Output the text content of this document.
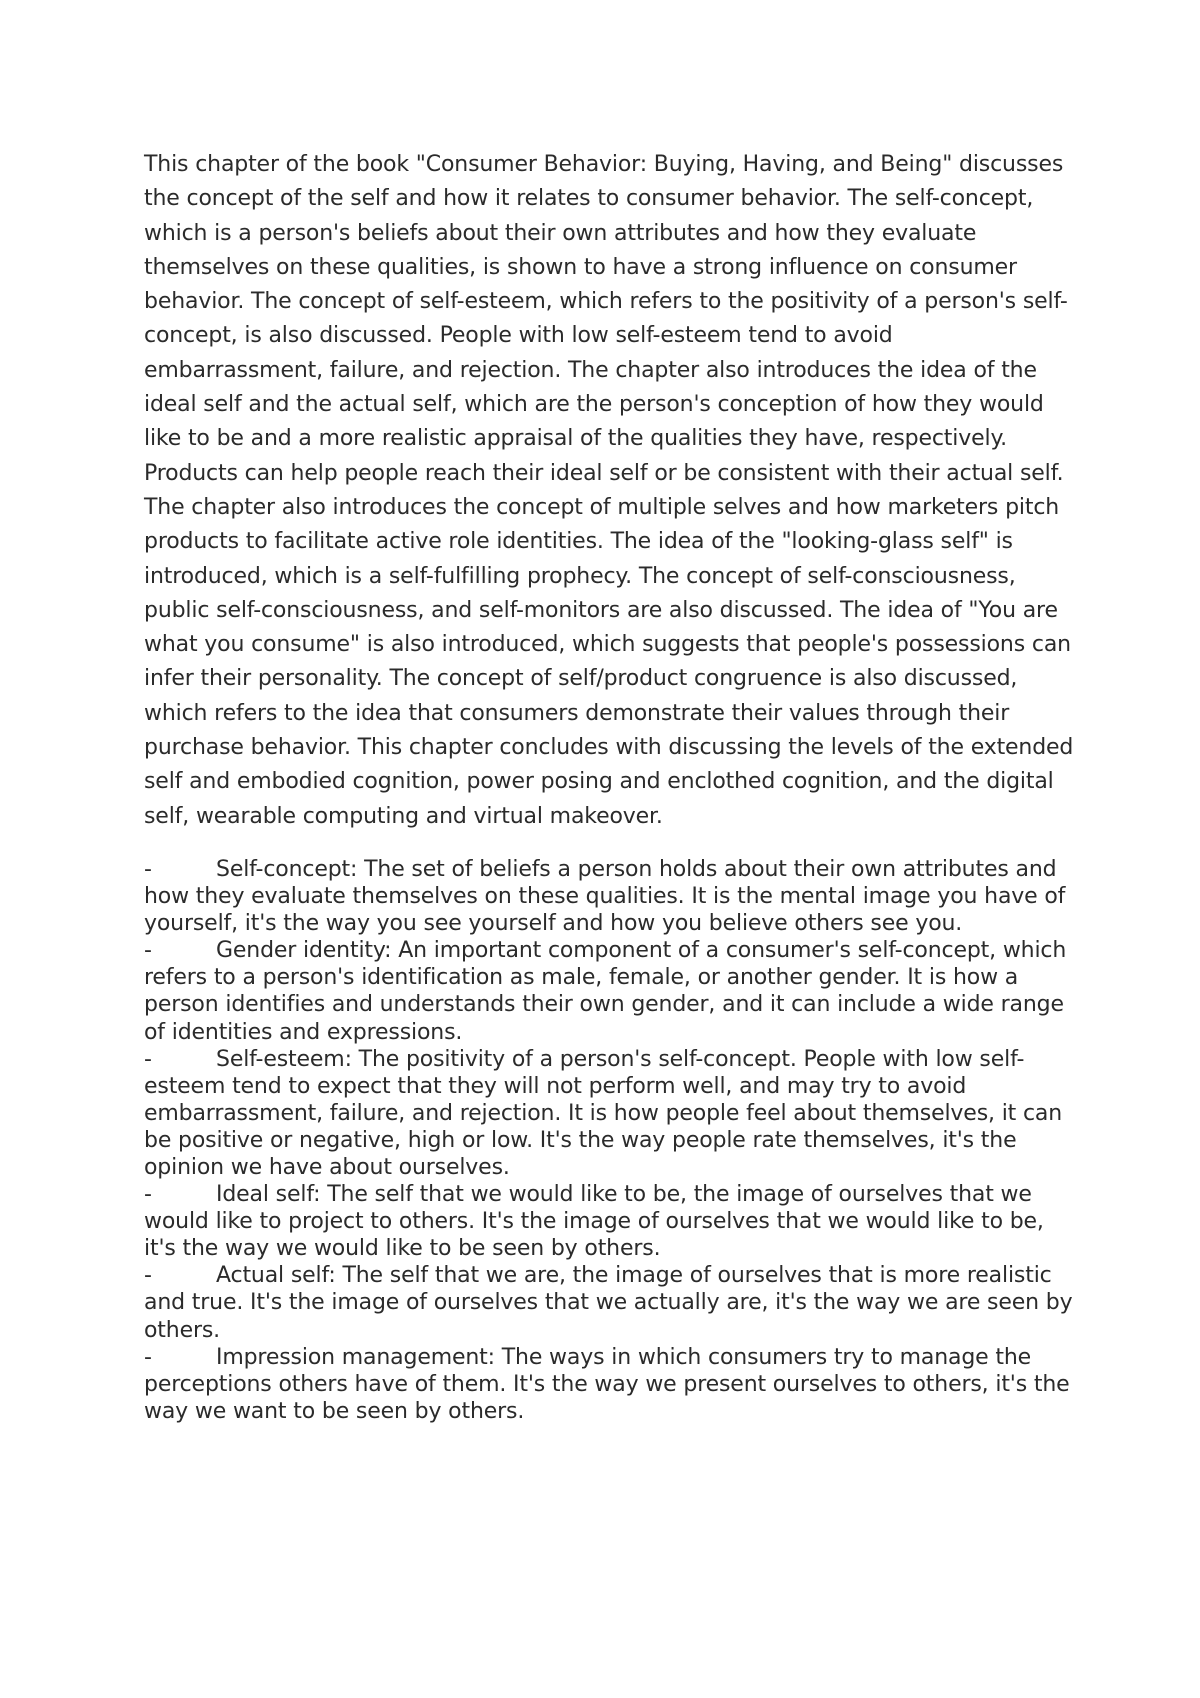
This chapter of the book "Consumer Behavior: Buying, Having, and Being" discusses the concept of the self and how it relates to consumer behavior. The self-concept, which is a person's beliefs about their own attributes and how they evaluate themselves on these qualities, is shown to have a strong influence on consumer behavior. The concept of self-esteem, which refers to the positivity of a person's self-concept, is also discussed. People with low self-esteem tend to avoid embarrassment, failure, and rejection. The chapter also introduces the idea of the ideal self and the actual self, which are the person's conception of how they would like to be and a more realistic appraisal of the qualities they have, respectively. Products can help people reach their ideal self or be consistent with their actual self. The chapter also introduces the concept of multiple selves and how marketers pitch products to facilitate active role identities. The idea of the "looking-glass self" is introduced, which is a self-fulfilling prophecy. The concept of self-consciousness, public self-consciousness, and self-monitors are also discussed. The idea of "You are what you consume" is also introduced, which suggests that people's possessions can infer their personality. The concept of self/product congruence is also discussed, which refers to the idea that consumers demonstrate their values through their purchase behavior. This chapter concludes with discussing the levels of the extended self and embodied cognition, power posing and enclothed cognition, and the digital self, wearable computing and virtual makeover.

-	Self-concept: The set of beliefs a person holds about their own attributes and how they evaluate themselves on these qualities. It is the mental image you have of yourself, it's the way you see yourself and how you believe others see you.
-	Gender identity: An important component of a consumer's self-concept, which refers to a person's identification as male, female, or another gender. It is how a person identifies and understands their own gender, and it can include a wide range of identities and expressions.
-	Self-esteem: The positivity of a person's self-concept. People with low self-esteem tend to expect that they will not perform well, and may try to avoid embarrassment, failure, and rejection. It is how people feel about themselves, it can be positive or negative, high or low. It's the way people rate themselves, it's the opinion we have about ourselves.
-	Ideal self: The self that we would like to be, the image of ourselves that we would like to project to others. It's the image of ourselves that we would like to be, it's the way we would like to be seen by others.
-	Actual self: The self that we are, the image of ourselves that is more realistic and true. It's the image of ourselves that we actually are, it's the way we are seen by others.
-	Impression management: The ways in which consumers try to manage the perceptions others have of them. It's the way we present ourselves to others, it's the way we want to be seen by others.
